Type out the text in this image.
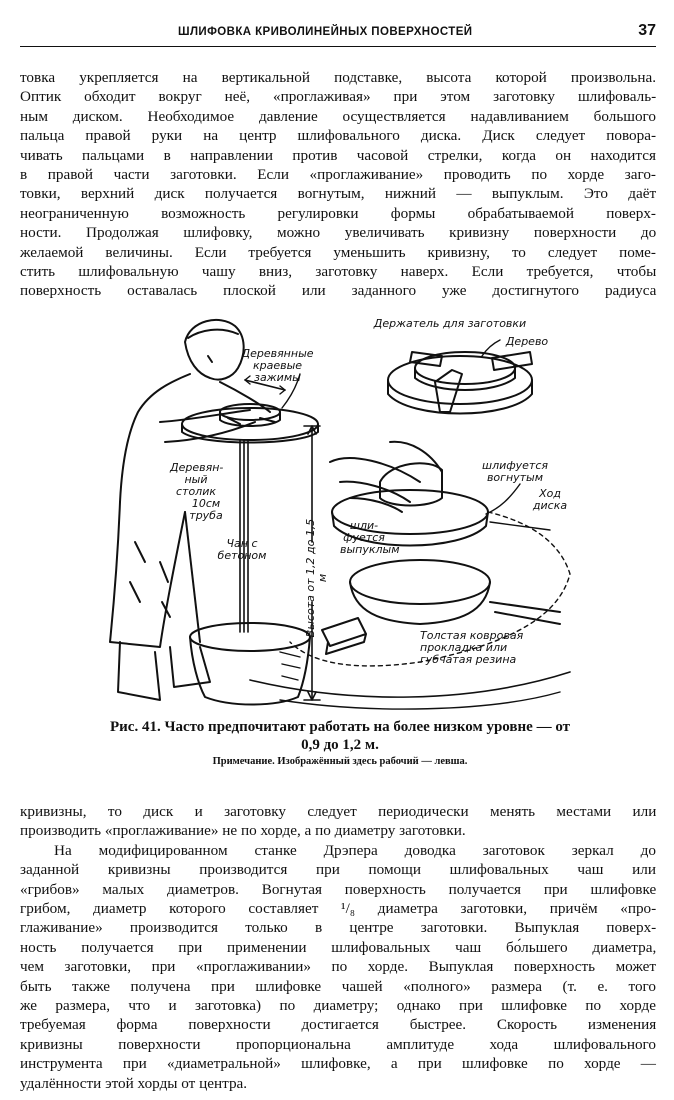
ШЛИФОВКА КРИВОЛИНЕЙНЫХ ПОВЕРХНОСТЕЙ	37
товка укрепляется на вертикальной подставке, высота которой произвольна.
Оптик обходит вокруг неё, «проглаживая» при этом заготовку шлифоваль-
ным диском. Необходимое давление осуществляется надавливанием большого
пальца правой руки на центр шлифовального диска. Диск следует повора-
чивать пальцами в направлении против часовой стрелки, когда он находится
в правой части заготовки. Если «проглаживание» проводить по хорде заго-
товки, верхний диск получается вогнутым, нижний — выпуклым. Это даёт
неограниченную возможность регулировки формы обрабатываемой поверх-
ности. Продолжая шлифовку, можно увеличивать кривизну поверхности до
желаемой величины. Если требуется уменьшить кривизну, то следует поме-
стить шлифовальную чашу вниз, заготовку наверх. Если требуется, чтобы
поверхность оставалась плоской или заданного уже достигнутого радиуса
Деревянные краевые зажимы
Деревян- ный столик
10см труба
Чан с бетоном	Высота от 1,2 до 1,5 м
Держатель для заготовки
Дерево
шлифуется вогнутым
Ход диска
шли- фуется выпуклым
Толстая ковровая прокладка или губчатая резина
Рис. 41. Часто предпочитают работать на более низком уровне — от 0,9 до 1,2 м.
Примечание. Изображённый здесь рабочий — левша.
кривизны, то диск и заготовку следует периодически менять местами или
производить «проглаживание» не по хорде, а по диаметру заготовки.
На модифицированном станке Дрэпера доводка заготовок зеркал до
заданной кривизны производится при помощи шлифовальных чаш или
«грибов» малых диаметров. Вогнутая поверхность получается при шлифовке
грибом, диаметр которого составляет ¹/₈ диаметра заготовки, причём «про-
глаживание» производится только в центре заготовки. Выпуклая поверх-
ность получается при применении шлифовальных чаш бо́льшего диаметра,
чем заготовки, при «проглаживании» по хорде. Выпуклая поверхность может
быть также получена при шлифовке чашей «полного» размера (т. е. того
же размера, что и заготовка) по диаметру; однако при шлифовке по хорде
требуемая форма поверхности достигается быстрее. Скорость изменения
кривизны поверхности пропорциональна амплитуде хода шлифовального
инструмента при «диаметральной» шлифовке, а при шлифовке по хорде —
удалённости этой хорды от центра.
